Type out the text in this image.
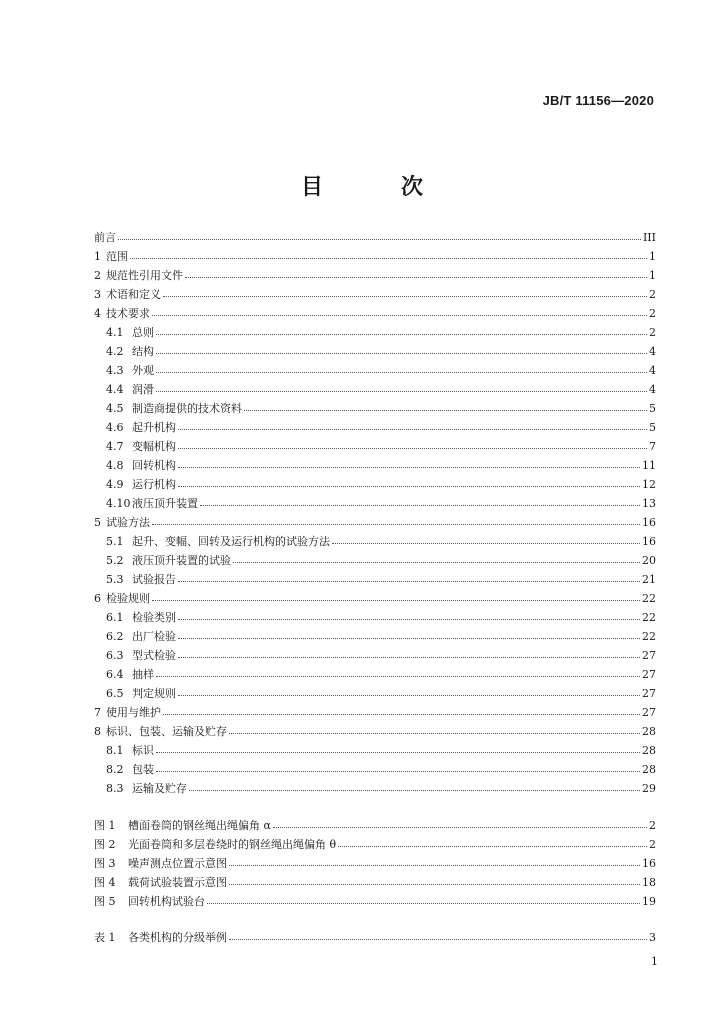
JB/T 11156—2020
目　次
前言	III
1 范围	1
2 规范性引用文件	1
3 术语和定义	2
4 技术要求	2
4.1 总则	2
4.2 结构	4
4.3 外观	4
4.4 润滑	4
4.5 制造商提供的技术资料	5
4.6 起升机构	5
4.7 变幅机构	7
4.8 回转机构	11
4.9 运行机构	12
4.10 液压顶升装置	13
5 试验方法	16
5.1 起升、变幅、回转及运行机构的试验方法	16
5.2 液压顶升装置的试验	20
5.3 试验报告	21
6 检验规则	22
6.1 检验类别	22
6.2 出厂检验	22
6.3 型式检验	27
6.4 抽样	27
6.5 判定规则	27
7 使用与维护	27
8 标识、包装、运输及贮存	28
8.1 标识	28
8.2 包装	28
8.3 运输及贮存	29
图 1	槽面卷筒的钢丝绳出绳偏角 α	2
图 2	光面卷筒和多层卷绕时的钢丝绳出绳偏角 θ	2
图 3	噪声测点位置示意图	16
图 4	载荷试验装置示意图	18
图 5	回转机构试验台	19
表 1	各类机构的分级举例	3
1
